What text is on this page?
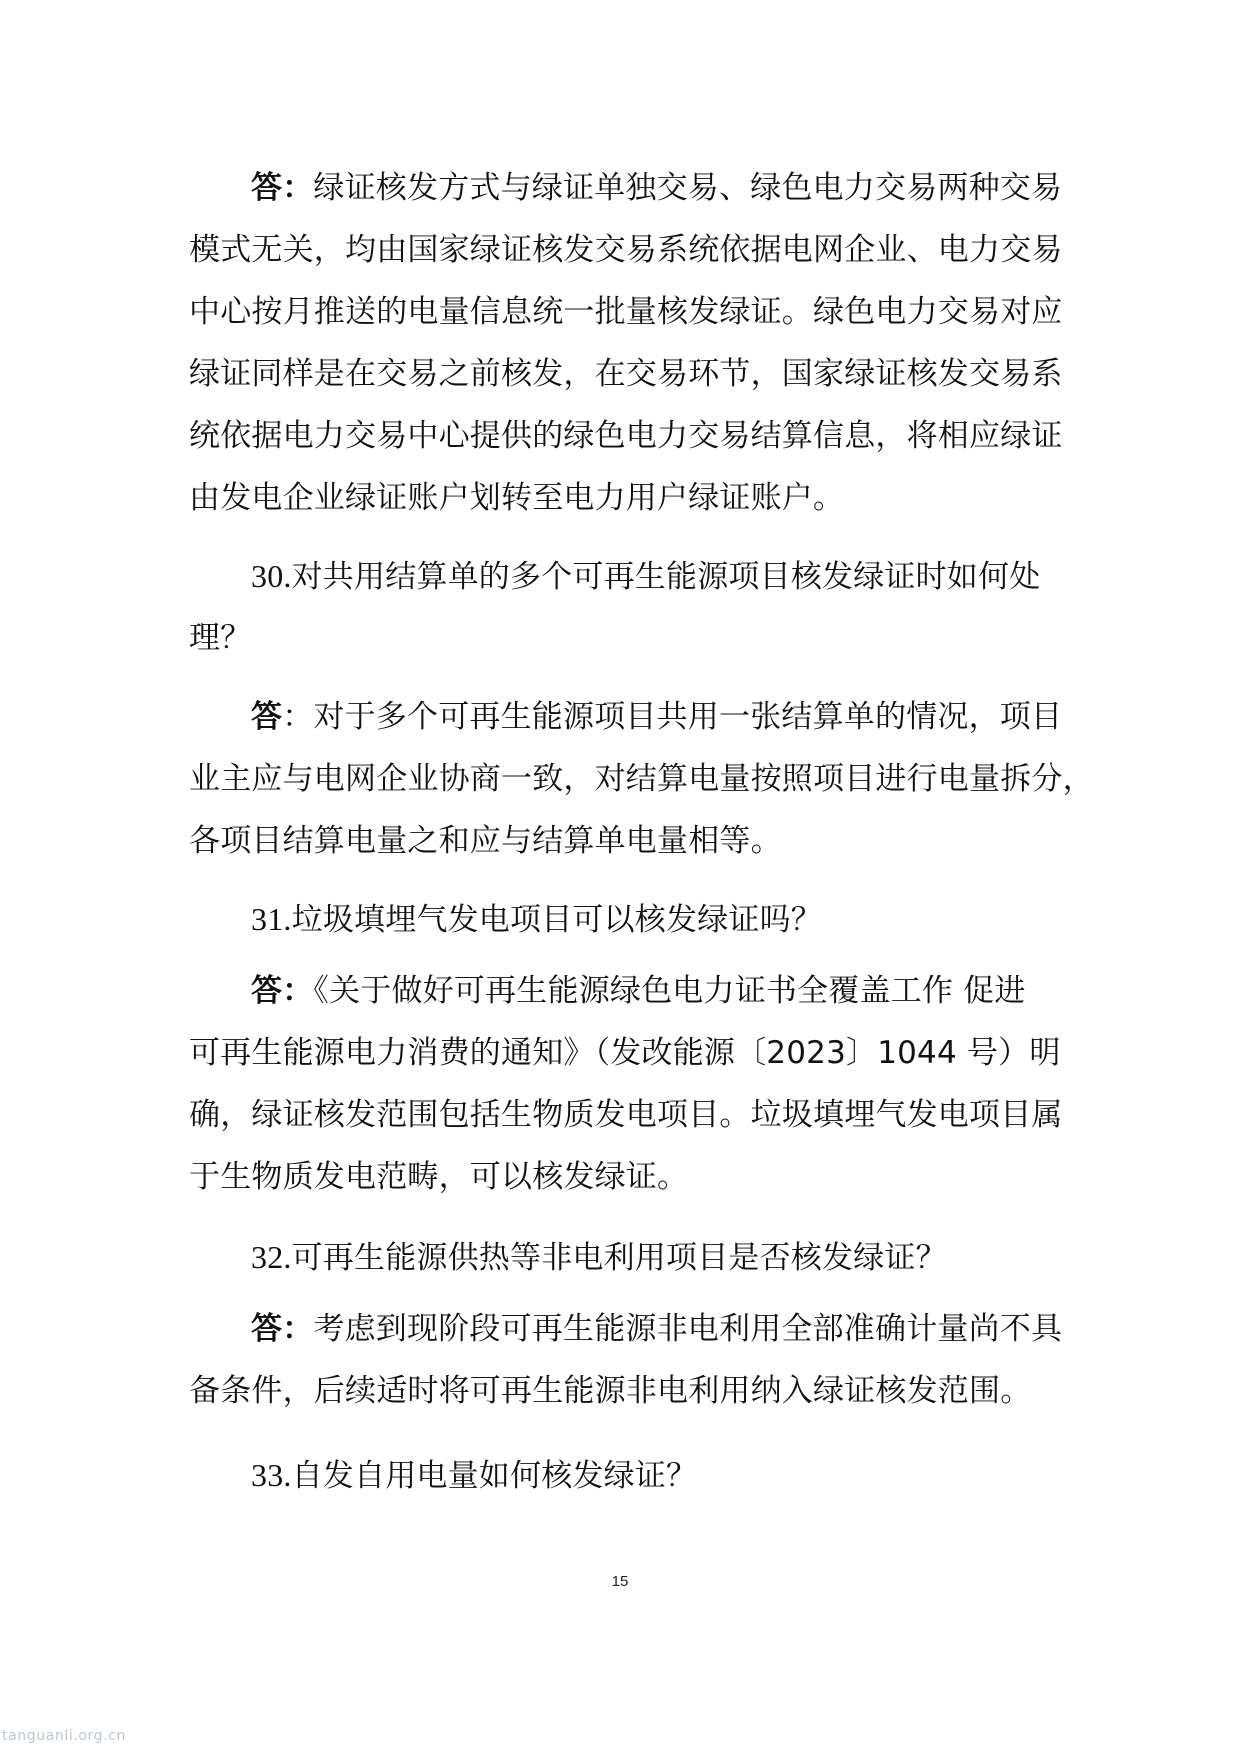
答：绿证核发方式与绿证单独交易、绿色电力交易两种交易
模式无关，均由国家绿证核发交易系统依据电网企业、电力交易
中心按月推送的电量信息统一批量核发绿证。绿色电力交易对应
绿证同样是在交易之前核发，在交易环节，国家绿证核发交易系
统依据电力交易中心提供的绿色电力交易结算信息，将相应绿证
由发电企业绿证账户划转至电力用户绿证账户。
30.对共用结算单的多个可再生能源项目核发绿证时如何处
理？
答：对于多个可再生能源项目共用一张结算单的情况，项目
业主应与电网企业协商一致，对结算电量按照项目进行电量拆分，
各项目结算电量之和应与结算单电量相等。
31.垃圾填埋气发电项目可以核发绿证吗？
答：《关于做好可再生能源绿色电力证书全覆盖工作 促进
可再生能源电力消费的通知》（发改能源〔2023〕1044 号）明
确，绿证核发范围包括生物质发电项目。垃圾填埋气发电项目属
于生物质发电范畴，可以核发绿证。
32.可再生能源供热等非电利用项目是否核发绿证？
答：考虑到现阶段可再生能源非电利用全部准确计量尚不具
备条件，后续适时将可再生能源非电利用纳入绿证核发范围。
33.自发自用电量如何核发绿证？
15
tanguanli.org.cn
